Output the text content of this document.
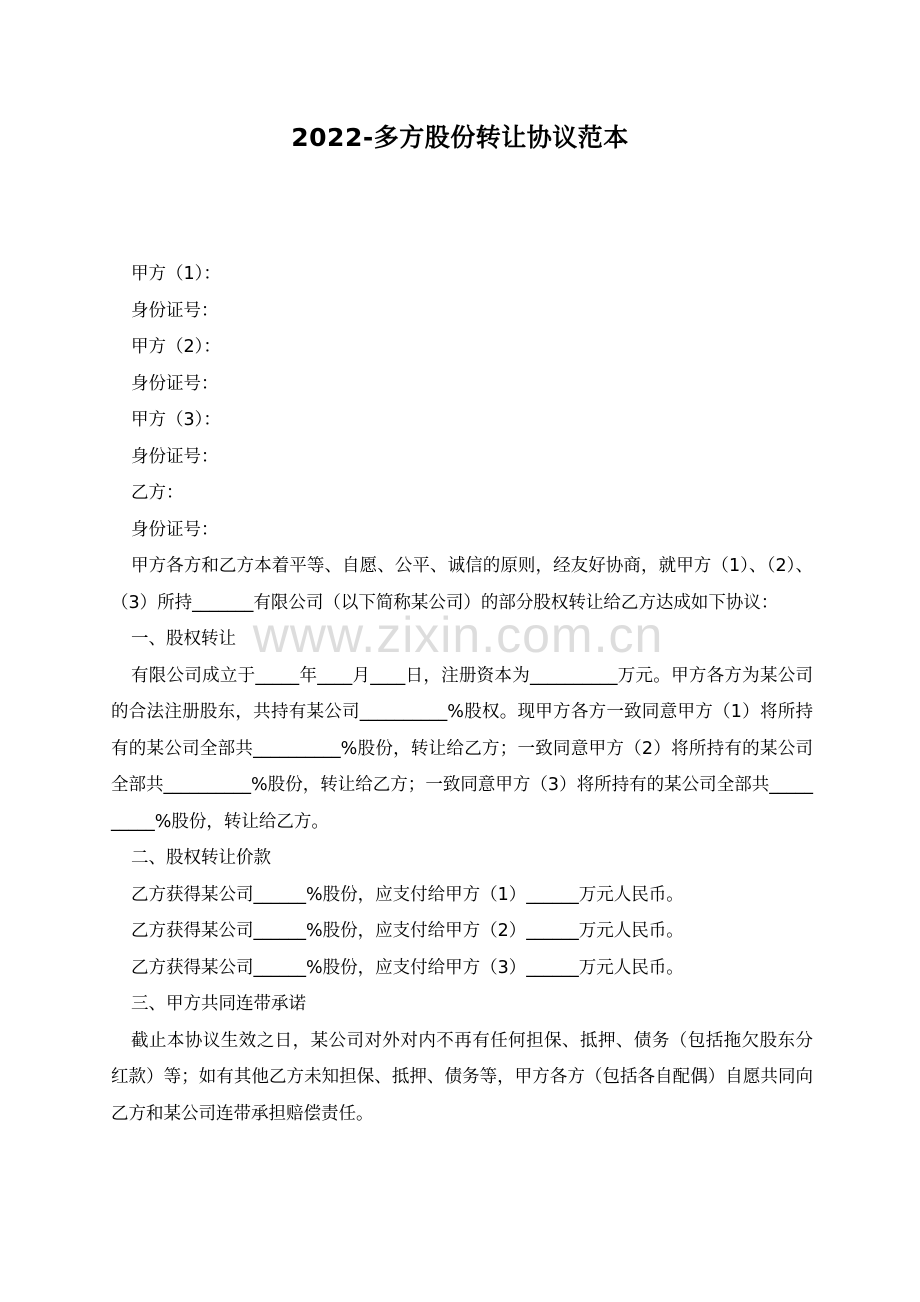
2022-多方股份转让协议范本

甲方（1）：

身份证号：

甲方（2）：

身份证号：

甲方（3）：

身份证号：

乙方：

身份证号：

甲方各方和乙方本着平等、自愿、公平、诚信的原则，经友好协商，就甲方（1）、（2）、（3）所持_______有限公司（以下简称某公司）的部分股权转让给乙方达成如下协议：

一、股权转让

有限公司成立于_____年____月____日，注册资本为__________万元。甲方各方为某公司的合法注册股东，共持有某公司__________%股权。现甲方各方一致同意甲方（1）将所持有的某公司全部共__________%股份，转让给乙方；一致同意甲方（2）将所持有的某公司全部共__________%股份，转让给乙方；一致同意甲方（3）将所持有的某公司全部共__________%股份，转让给乙方。

二、股权转让价款

乙方获得某公司______%股份，应支付给甲方（1）______万元人民币。

乙方获得某公司______%股份，应支付给甲方（2）______万元人民币。

乙方获得某公司______%股份，应支付给甲方（3）______万元人民币。

三、甲方共同连带承诺

截止本协议生效之日，某公司对外对内不再有任何担保、抵押、债务（包括拖欠股东分红款）等；如有其他乙方未知担保、抵押、债务等，甲方各方（包括各自配偶）自愿共同向乙方和某公司连带承担赔偿责任。

www.zixin.com.cn
